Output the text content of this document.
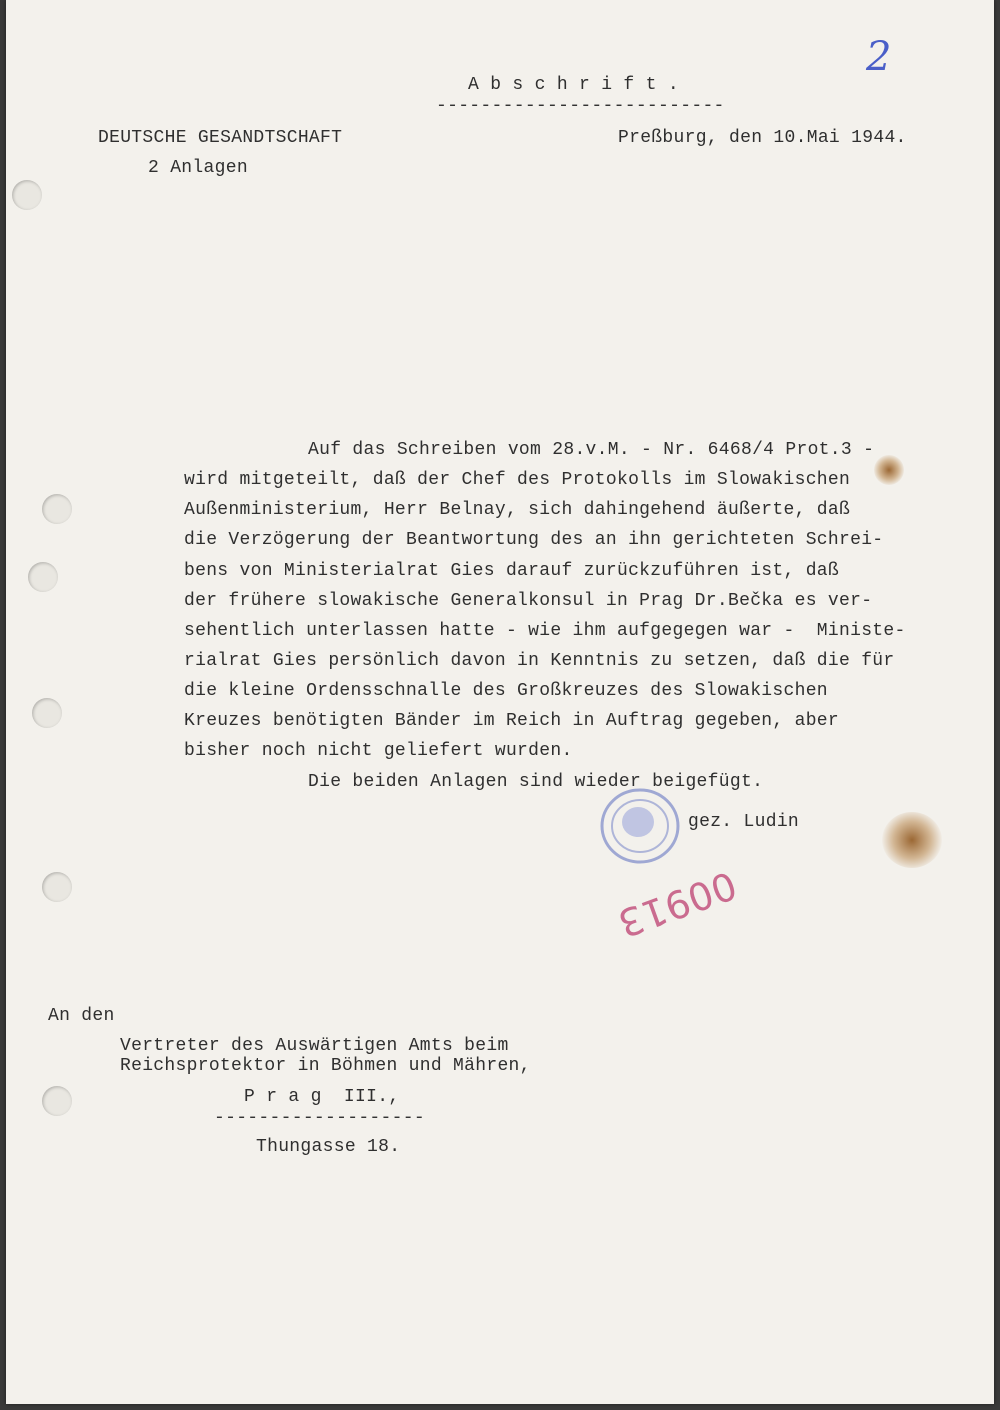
2
A b s c h r i f t .
--------------------------
DEUTSCHE GESANDTSCHAFT
2 Anlagen
Preßburg, den 10.Mai 1944.
Auf das Schreiben vom 28.v.M. - Nr. 6468/4 Prot.3 -
wird mitgeteilt, daß der Chef des Protokolls im Slowakischen
Außenministerium, Herr Belnay, sich dahingehend äußerte, daß
die Verzögerung der Beantwortung des an ihn gerichteten Schrei-
bens von Ministerialrat Gies darauf zurückzuführen ist, daß
der frühere slowakische Generalkonsul in Prag Dr.Bečka es ver-
sehentlich unterlassen hatte - wie ihm aufgegegen war -  Ministe-
rialrat Gies persönlich davon in Kenntnis zu setzen, daß die für
die kleine Ordensschnalle des Großkreuzes des Slowakischen
Kreuzes benötigten Bänder im Reich in Auftrag gegeben, aber
bisher noch nicht geliefert wurden.
Die beiden Anlagen sind wieder beigefügt.
gez. Ludin
00913
An den
Vertreter des Auswärtigen Amts beim
Reichsprotektor in Böhmen und Mähren,
P r a g  III.,
-------------------
Thungasse 18.
